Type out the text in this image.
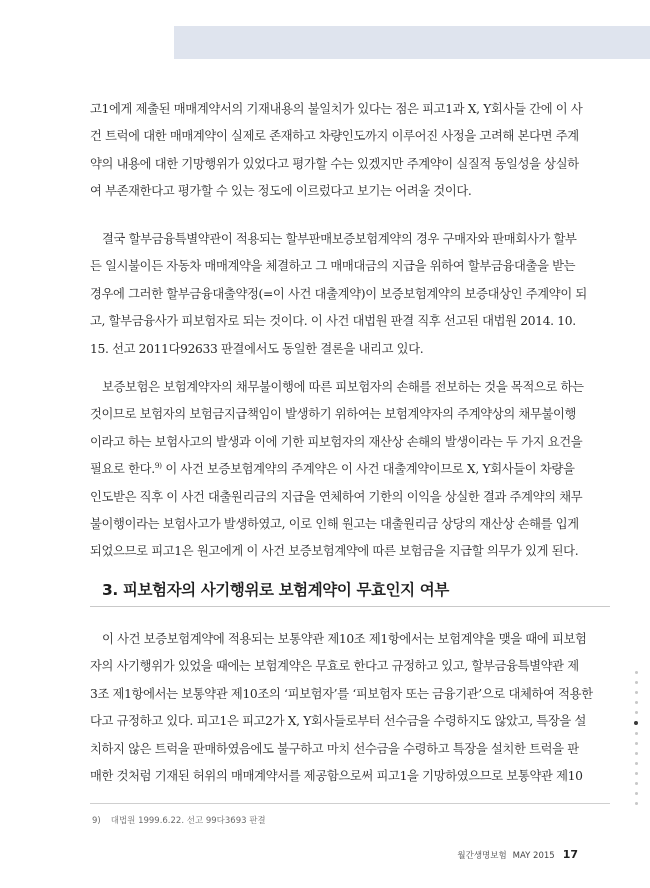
고1에게 제출된 매매계약서의 기재내용의 불일치가 있다는 점은 피고1과 X, Y회사들 간에 이 사
건 트럭에 대한 매매계약이 실제로 존재하고 차량인도까지 이루어진 사정을 고려해 본다면 주계
약의 내용에 대한 기망행위가 있었다고 평가할 수는 있겠지만 주계약이 실질적 동일성을 상실하
여 부존재한다고 평가할 수 있는 정도에 이르렀다고 보기는 어려울 것이다.
결국 할부금융특별약관이 적용되는 할부판매보증보험계약의 경우 구매자와 판매회사가 할부
든 일시불이든 자동차 매매계약을 체결하고 그 매매대금의 지급을 위하여 할부금융대출을 받는
경우에 그러한 할부금융대출약정(=이 사건 대출계약)이 보증보험계약의 보증대상인 주계약이 되
고, 할부금융사가 피보험자로 되는 것이다. 이 사건 대법원 판결 직후 선고된 대법원 2014. 10.
15. 선고 2011다92633 판결에서도 동일한 결론을 내리고 있다.
보증보험은 보험계약자의 채무불이행에 따른 피보험자의 손해를 전보하는 것을 목적으로 하는
것이므로 보험자의 보험금지급책임이 발생하기 위하여는 보험계약자의 주계약상의 채무불이행
이라고 하는 보험사고의 발생과 이에 기한 피보험자의 재산상 손해의 발생이라는 두 가지 요건을
필요로 한다.$^{9)}$ 이 사건 보증보험계약의 주계약은 이 사건 대출계약이므로 X, Y회사들이 차량을
인도받은 직후 이 사건 대출원리금의 지급을 연체하여 기한의 이익을 상실한 결과 주계약의 채무
불이행이라는 보험사고가 발생하였고, 이로 인해 원고는 대출원리금 상당의 재산상 손해를 입게
되었으므로 피고1은 원고에게 이 사건 보증보험계약에 따른 보험금을 지급할 의무가 있게 된다.
3. 피보험자의 사기행위로 보험계약이 무효인지 여부
이 사건 보증보험계약에 적용되는 보통약관 제10조 제1항에서는 보험계약을 맺을 때에 피보험
자의 사기행위가 있었을 때에는 보험계약은 무효로 한다고 규정하고 있고, 할부금융특별약관 제
3조 제1항에서는 보통약관 제10조의 ‘피보험자’를 ‘피보험자 또는 금융기관’으로 대체하여 적용한
다고 규정하고 있다. 피고1은 피고2가 X, Y회사들로부터 선수금을 수령하지도 않았고, 특장을 설
치하지 않은 트럭을 판매하였음에도 불구하고 마치 선수금을 수령하고 특장을 설치한 트럭을 판
매한 것처럼 기재된 허위의 매매계약서를 제공함으로써 피고1을 기망하였으므로 보통약관 제10

9) 대법원 1999.6.22. 선고 99다3693 판결

월간생명보험 MAY 2015 17
